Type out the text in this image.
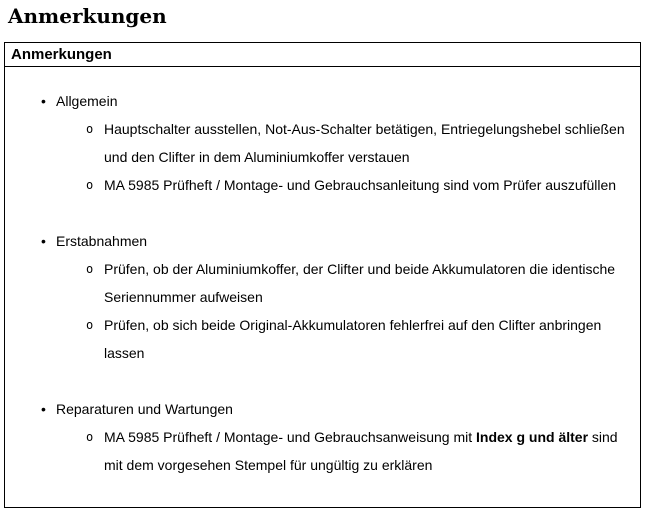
Anmerkungen
Anmerkungen
• Allgemein
o Hauptschalter ausstellen, Not-Aus-Schalter betätigen, Entriegelungshebel schließen und den Clifter in dem Aluminiumkoffer verstauen
o MA 5985 Prüfheft / Montage- und Gebrauchsanleitung sind vom Prüfer auszufüllen
• Erstabnahmen
o Prüfen, ob der Aluminiumkoffer, der Clifter und beide Akkumulatoren die identische Seriennummer aufweisen
o Prüfen, ob sich beide Original-Akkumulatoren fehlerfrei auf den Clifter anbringen lassen
• Reparaturen und Wartungen
o MA 5985 Prüfheft / Montage- und Gebrauchsanweisung mit Index g und älter sind mit dem vorgesehen Stempel für ungültig zu erklären
